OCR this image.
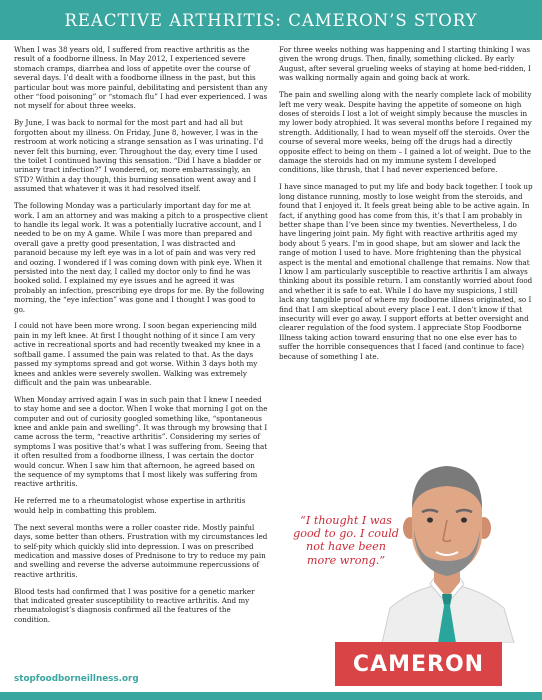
REACTIVE ARTHRITIS: CAMERON’S STORY

When I was 38 years old, I suffered from reactive arthritis as the result of a foodborne illness. In May 2012, I experienced severe stomach cramps, diarrhea and loss of appetite over the course of several days. I’d dealt with a foodborne illness in the past, but this particular bout was more painful, debilitating and persistent than any other “food poisoning” or “stomach flu” I had ever experienced. I was not myself for about three weeks.

By June, I was back to normal for the most part and had all but forgotten about my illness. On Friday, June 8, however, I was in the restroom at work noticing a strange sensation as I was urinating. I’d never felt this burning, ever. Throughout the day, every time I used the toilet I continued having this sensation. “Did I have a bladder or urinary tract infection?” I wondered, or, more embarrassingly, an STD? Within a day though, this burning sensation went away and I assumed that whatever it was it had resolved itself.

The following Monday was a particularly important day for me at work. I am an attorney and was making a pitch to a prospective client to handle its legal work. It was a potentially lucrative account, and I needed to be on my A game. While I was more than prepared and overall gave a pretty good presentation, I was distracted and paranoid because my left eye was in a lot of pain and was very red and oozing. I wondered if I was coming down with pink eye. When it persisted into the next day, I called my doctor only to find he was booked solid. I explained my eye issues and he agreed it was probably an infection, prescribing eye drops for me. By the following morning, the “eye infection” was gone and I thought I was good to go.

I could not have been more wrong. I soon began experiencing mild pain in my left knee. At first I thought nothing of it since I am very active in recreational sports and had recently tweaked my knee in a softball game. I assumed the pain was related to that. As the days passed my symptoms spread and got worse. Within 3 days both my knees and ankles were severely swollen. Walking was extremely difficult and the pain was unbearable.

When Monday arrived again I was in such pain that I knew I needed to stay home and see a doctor. When I woke that morning I got on the computer and out of curiosity googled something like, “spontaneous knee and ankle pain and swelling”. It was through my browsing that I came across the term, “reactive arthritis”. Considering my series of symptoms I was positive that’s what I was suffering from. Seeing that it often resulted from a foodborne illness, I was certain the doctor would concur. When I saw him that afternoon, he agreed based on the sequence of my symptoms that I most likely was suffering from reactive arthritis.

He referred me to a rheumatologist whose expertise in arthritis would help in combatting this problem.

The next several months were a roller coaster ride. Mostly painful days, some better than others. Frustration with my circumstances led to self-pity which quickly slid into depression. I was on prescribed medication and massive doses of Prednisone to try to reduce my pain and swelling and reverse the adverse autoimmune repercussions of reactive arthritis.

Blood tests had confirmed that I was positive for a genetic marker that indicated greater susceptibility to reactive arthritis. And my rheumatologist’s diagnosis confirmed all the features of the condition.

For three weeks nothing was happening and I starting thinking I was given the wrong drugs. Then, finally, something clicked. By early August, after several grueling weeks of staying at home bed-ridden, I was walking normally again and going back at work.

The pain and swelling along with the nearly complete lack of mobility left me very weak. Despite having the appetite of someone on high doses of steroids I lost a lot of weight simply because the muscles in my lower body atrophied. It was several months before I regained my strength. Additionally, I had to wean myself off the steroids. Over the course of several more weeks, being off the drugs had a directly opposite effect to being on them – I gained a lot of weight. Due to the damage the steroids had on my immune system I developed conditions, like thrush, that I had never experienced before.

I have since managed to put my life and body back together. I took up long distance running, mostly to lose weight from the steroids, and found that I enjoyed it. It feels great being able to be active again. In fact, if anything good has come from this, it’s that I am probably in better shape than I’ve been since my twenties. Nevertheless, I do have lingering joint pain. My fight with reactive arthritis aged my body about 5 years. I’m in good shape, but am slower and lack the range of motion I used to have. More frightening than the physical aspect is the mental and emotional challenge that remains. Now that I know I am particularly susceptible to reactive arthritis I am always thinking about its possible return. I am constantly worried about food and whether it is safe to eat. While I do have my suspicions, I still lack any tangible proof of where my foodborne illness originated, so I find that I am skeptical about every place I eat. I don’t know if that insecurity will ever go away. I support efforts at better oversight and clearer regulation of the food system. I appreciate Stop Foodborne Illness taking action toward ensuring that no one else ever has to suffer the horrible consequences that I faced (and continue to face) because of something I ate.

“I thought I was good to go. I could not have been more wrong.”
CAMERON
stopfoodborneillness.org
